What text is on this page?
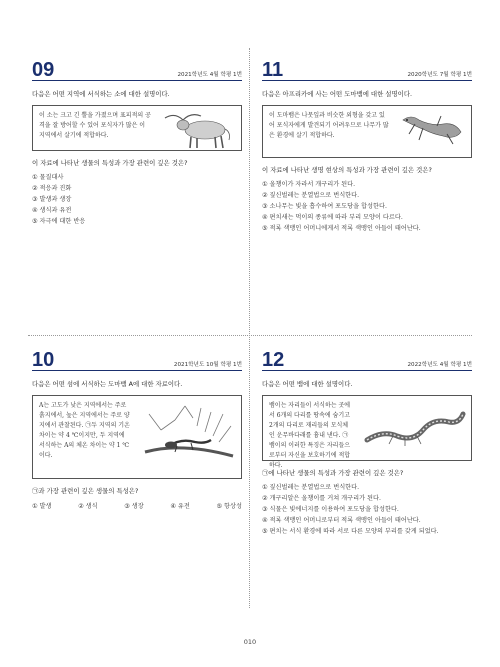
09	2021학년도 4월 학평 1번
다음은 어떤 지역에 서식하는 소에 대한 설명이다.
이 소는 크고 긴 뿔을 가졌으며 표피적의 공격을 잘 방어할 수 있어 포식자가 많은 이 지역에서 살기에 적합하다.
이 자료에 나타난 생물의 특성과 가장 관련이 깊은 것은?
① 물질대사
② 적응과 진화
③ 발생과 생장
④ 생식과 유전
⑤ 자극에 대한 반응
11	2020학년도 7월 학평 1번
다음은 아프리카에 사는 어떤 도마뱀에 대한 설명이다.
이 도마뱀은 나뭇잎과 비슷한 외형을 갖고 있어 포식자에게 발견되기 어려우므로 나무가 많은 환경에 살기 적합하다.
이 자료에 나타난 생명 현상의 특성과 가장 관련이 깊은 것은?
① 올챙이가 자라서 개구리가 된다.
② 짚신벌레는 분열법으로 번식한다.
③ 소나무는 빛을 흡수하여 포도당을 합성한다.
④ 편치새는 먹이의 종류에 따라 부리 모양이 다르다.
⑤ 적록 색맹인 어머니에게서 적록 색맹인 아들이 태어난다.
10	2021학년도 10월 학평 1번
다음은 어떤 섬에 서식하는 도마뱀 A에 대한 자료이다.
A는 고도가 낮은 지역에서는 주로 흙지에서, 높은 지역에서는 주로 양지에서 관찰된다. ㉠두 지역의 기온 차이는 약 4 ℃이지만, 두 지역에 서식하는 A의 체온 차이는 약 1 ℃이다.
㉠과 가장 관련이 깊은 생물의 특성은?
① 발생	② 생식	③ 생장	④ 유전	⑤ 항상성
12	2022학년도 4월 학평 1번
다음은 어떤 뱀에 대한 설명이다.
뱀이는 자리들이 서식하는 곳에서 6개의 다리를 땅속에 숨기고 2개의 다리로 재리들의 모식체인 운무바다래를 흉내 낸다. ㉠뱀이의 이러한 특징은 자리들으로부터 자신을 보호하기에 적합하다.
㉠에 나타난 생물의 특성과 가장 관련이 깊은 것은?
① 짚신벌레는 분열법으로 번식한다.
② 개구리알은 올챙이를 거쳐 개구리가 된다.
③ 식물은 빛에너지를 이용하여 포도당을 합성한다.
④ 적록 색맹인 어머니로부터 적록 색맹인 아들이 태어난다.
⑤ 편치는 서식 환경에 따라 서로 다른 모양의 부리를 갖게 되었다.
010
